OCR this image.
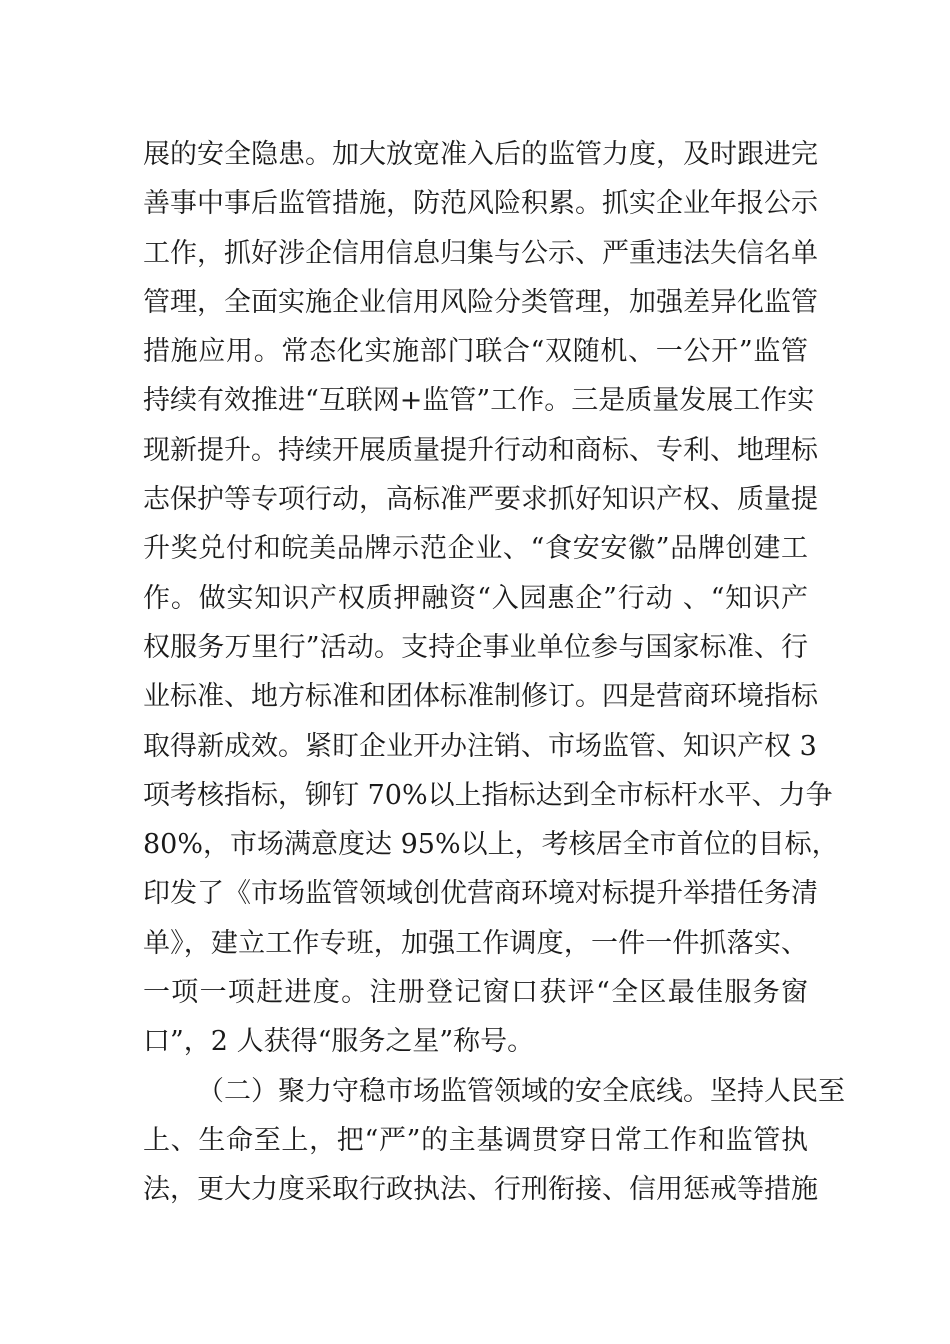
展的安全隐患。加大放宽准入后的监管力度，及时跟进完
善事中事后监管措施，防范风险积累。抓实企业年报公示
工作，抓好涉企信用信息归集与公示、严重违法失信名单
管理，全面实施企业信用风险分类管理，加强差异化监管
措施应用。常态化实施部门联合“双随机、一公开”监管
持续有效推进“互联网+监管”工作。三是质量发展工作实
现新提升。持续开展质量提升行动和商标、专利、地理标
志保护等专项行动，高标准严要求抓好知识产权、质量提
升奖兑付和皖美品牌示范企业、“食安安徽”品牌创建工
作。做实知识产权质押融资“入园惠企”行动 、“知识产
权服务万里行”活动。支持企事业单位参与国家标准、行
业标准、地方标准和团体标准制修订。四是营商环境指标
取得新成效。紧盯企业开办注销、市场监管、知识产权 3
项考核指标，铆钉 70%以上指标达到全市标杆水平、力争
80%，市场满意度达 95%以上，考核居全市首位的目标，
印发了《市场监管领域创优营商环境对标提升举措任务清
单》，建立工作专班，加强工作调度，一件一件抓落实、
一项一项赶进度。注册登记窗口获评“全区最佳服务窗
口”，2 人获得“服务之星”称号。
（二）聚力守稳市场监管领域的安全底线。坚持人民至
上、生命至上，把“严”的主基调贯穿日常工作和监管执
法，更大力度采取行政执法、行刑衔接、信用惩戒等措施
